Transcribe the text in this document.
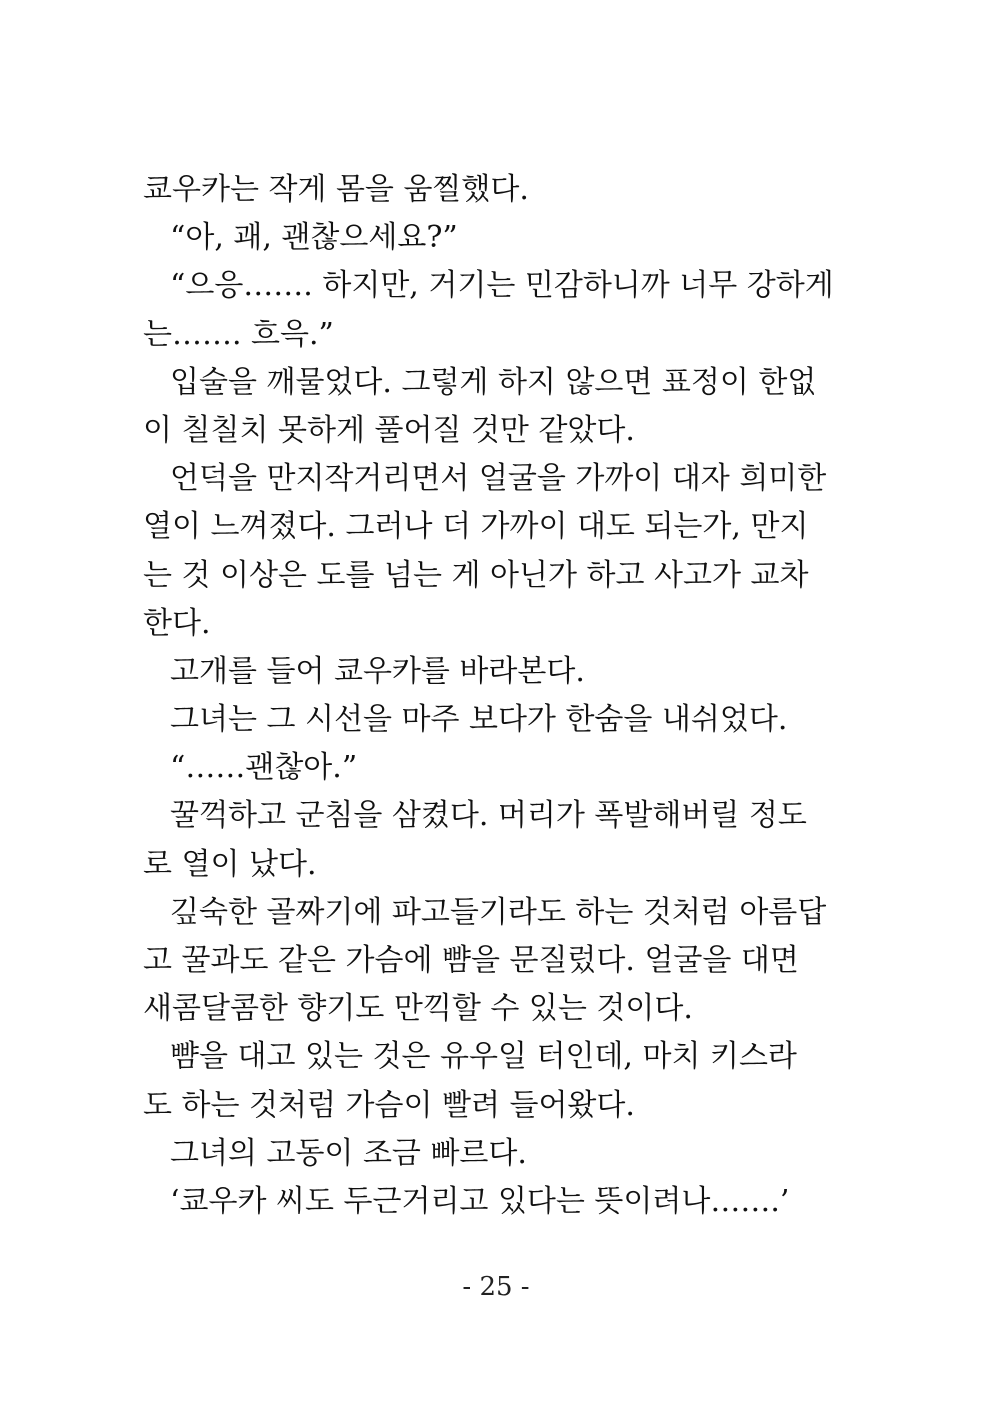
쿄우카는 작게 몸을 움찔했다.
“아, 괘, 괜찮으세요?”
“으응……. 하지만, 거기는 민감하니까 너무 강하게
는……. 흐윽.”
입술을 깨물었다. 그렇게 하지 않으면 표정이 한없
이 칠칠치 못하게 풀어질 것만 같았다.
언덕을 만지작거리면서 얼굴을 가까이 대자 희미한
열이 느껴졌다. 그러나 더 가까이 대도 되는가, 만지
는 것 이상은 도를 넘는 게 아닌가 하고 사고가 교차
한다.
고개를 들어 쿄우카를 바라본다.
그녀는 그 시선을 마주 보다가 한숨을 내쉬었다.
“……괜찮아.”
꿀꺽하고 군침을 삼켰다. 머리가 폭발해버릴 정도
로 열이 났다.
깊숙한 골짜기에 파고들기라도 하는 것처럼 아름답
고 꿀과도 같은 가슴에 뺨을 문질렀다. 얼굴을 대면
새콤달콤한 향기도 만끽할 수 있는 것이다.
뺨을 대고 있는 것은 유우일 터인데, 마치 키스라
도 하는 것처럼 가슴이 빨려 들어왔다.
그녀의 고동이 조금 빠르다.
‘쿄우카 씨도 두근거리고 있다는 뜻이려나…….’
- 25 -
